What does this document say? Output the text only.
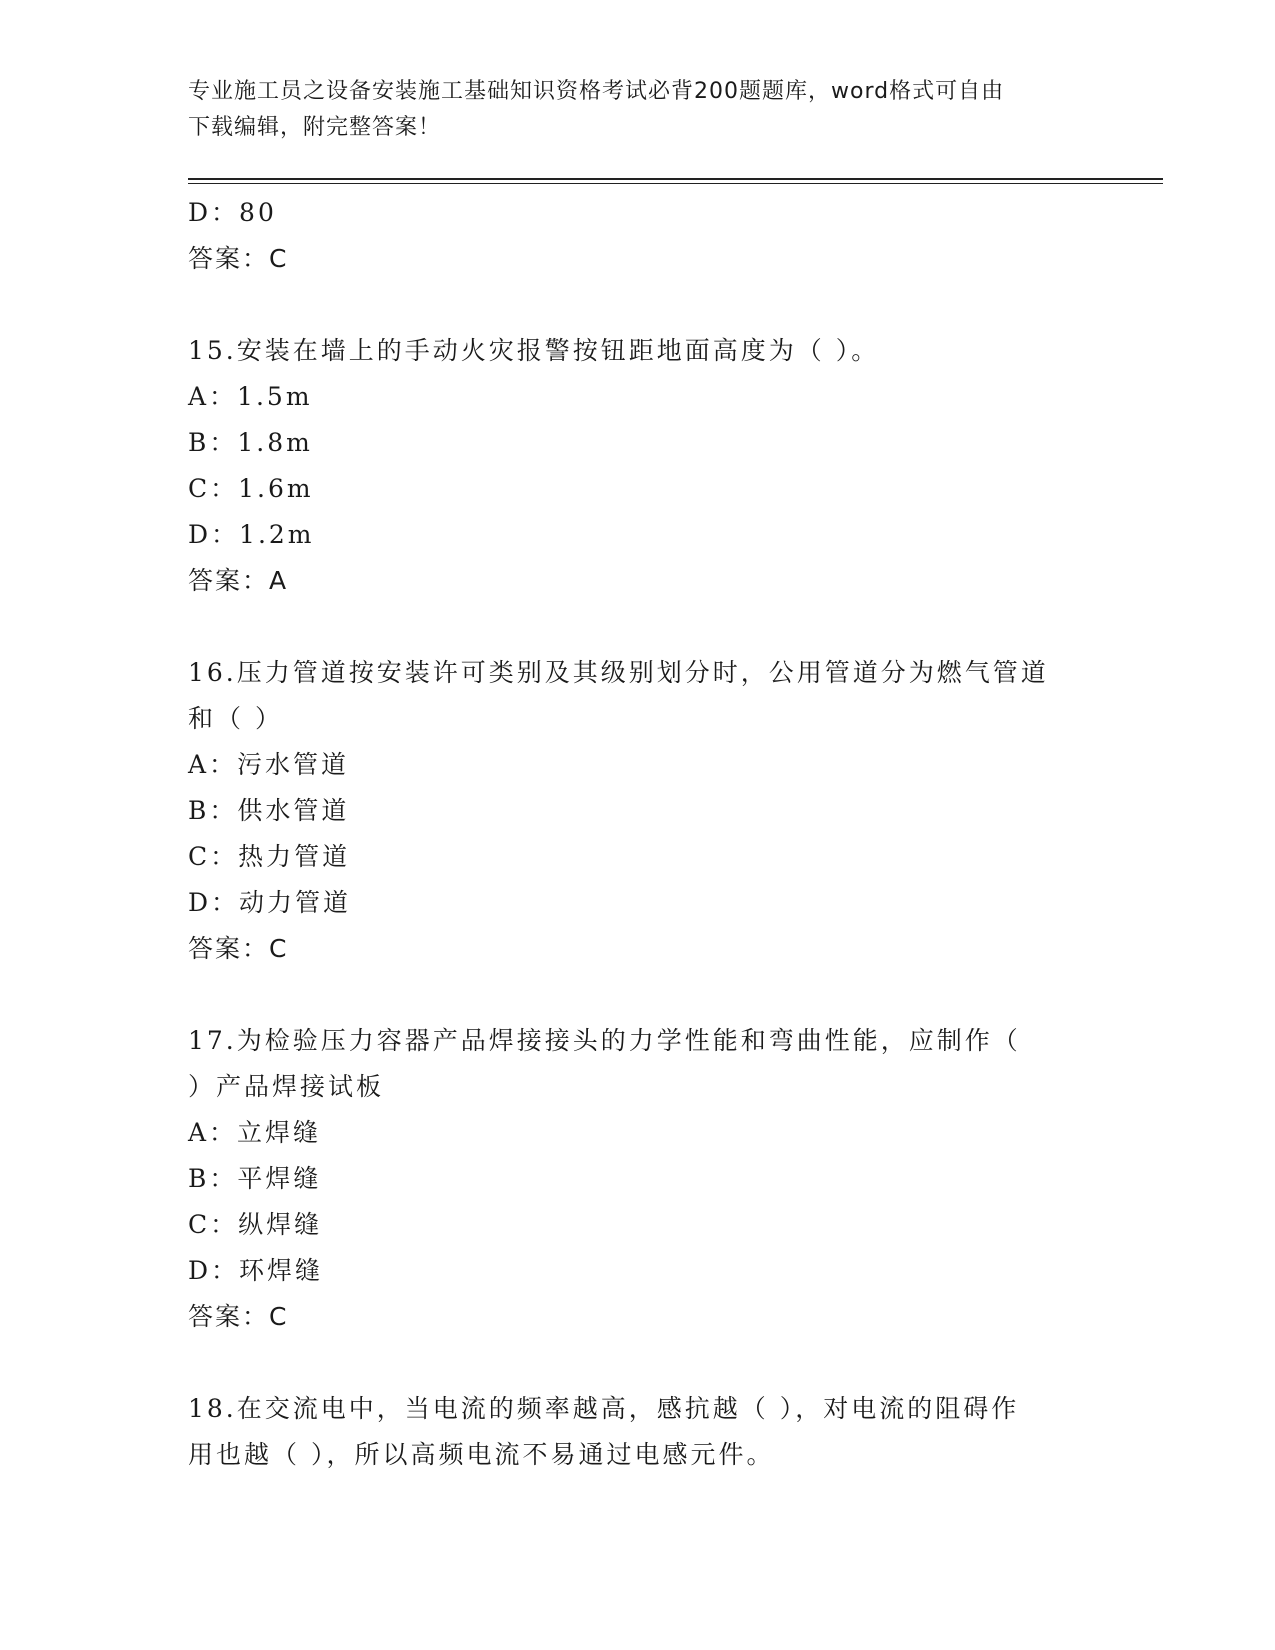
专业施工员之设备安装施工基础知识资格考试必背200题题库，word格式可自由
下载编辑，附完整答案！
D：80
答案：C
15.安装在墙上的手动火灾报警按钮距地面高度为（ ）。
A：1.5m
B：1.8m
C：1.6m
D：1.2m
答案：A
16.压力管道按安装许可类别及其级别划分时，公用管道分为燃气管道
和（ ）
A：污水管道
B：供水管道
C：热力管道
D：动力管道
答案：C
17.为检验压力容器产品焊接接头的力学性能和弯曲性能，应制作（
）产品焊接试板
A：立焊缝
B：平焊缝
C：纵焊缝
D：环焊缝
答案：C
18.在交流电中，当电流的频率越高，感抗越（ ），对电流的阻碍作
用也越（ ），所以高频电流不易通过电感元件。
